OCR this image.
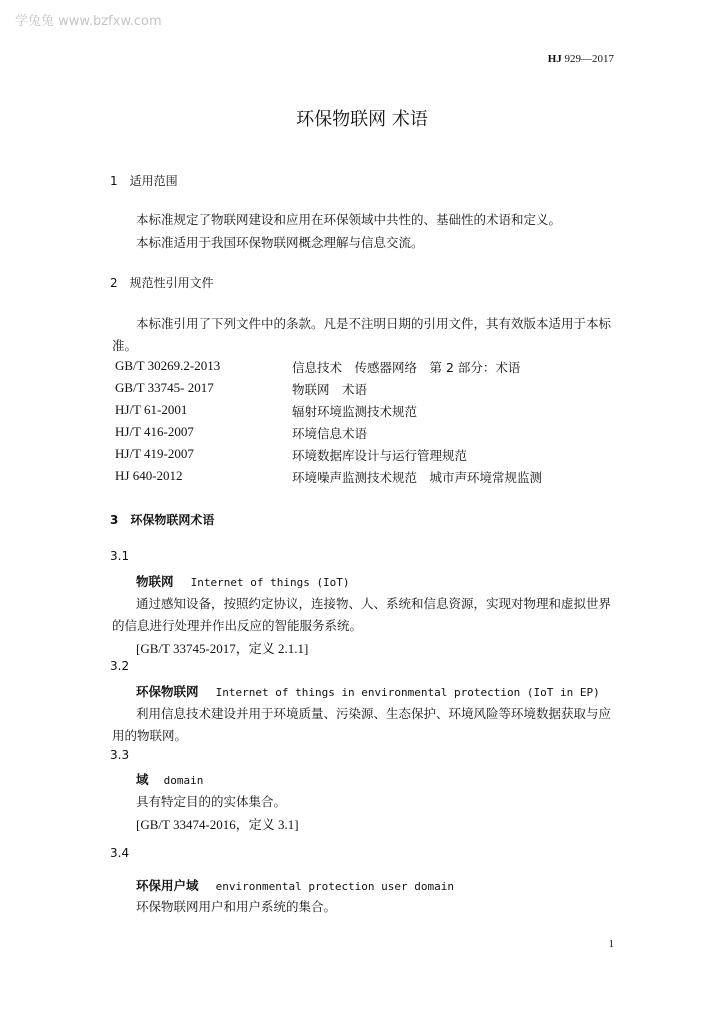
学兔兔 www.bzfxw.com
HJ 929—2017
环保物联网 术语
1　适用范围
本标准规定了物联网建设和应用在环保领域中共性的、基础性的术语和定义。
本标准适用于我国环保物联网概念理解与信息交流。
2　规范性引用文件
本标准引用了下列文件中的条款。凡是不注明日期的引用文件，其有效版本适用于本标
准。
GB/T 30269.2-2013	信息技术　传感器网络　第 2 部分：术语
GB/T 33745- 2017	物联网　术语
HJ/T 61-2001	辐射环境监测技术规范
HJ/T 416-2007	环境信息术语
HJ/T 419-2007	环境数据库设计与运行管理规范
HJ 640-2012	环境噪声监测技术规范　城市声环境常规监测
3　环保物联网术语
3.1
物联网 Internet of things (IoT)
通过感知设备，按照约定协议，连接物、人、系统和信息资源，实现对物理和虚拟世界
的信息进行处理并作出反应的智能服务系统。
[GB/T 33745-2017，定义 2.1.1]
3.2
环保物联网 Internet of things in environmental protection (IoT in EP)
利用信息技术建设并用于环境质量、污染源、生态保护、环境风险等环境数据获取与应
用的物联网。
3.3
域 domain
具有特定目的的实体集合。
[GB/T 33474-2016，定义 3.1]
3.4
环保用户域 environmental protection user domain
环保物联网用户和用户系统的集合。
1
